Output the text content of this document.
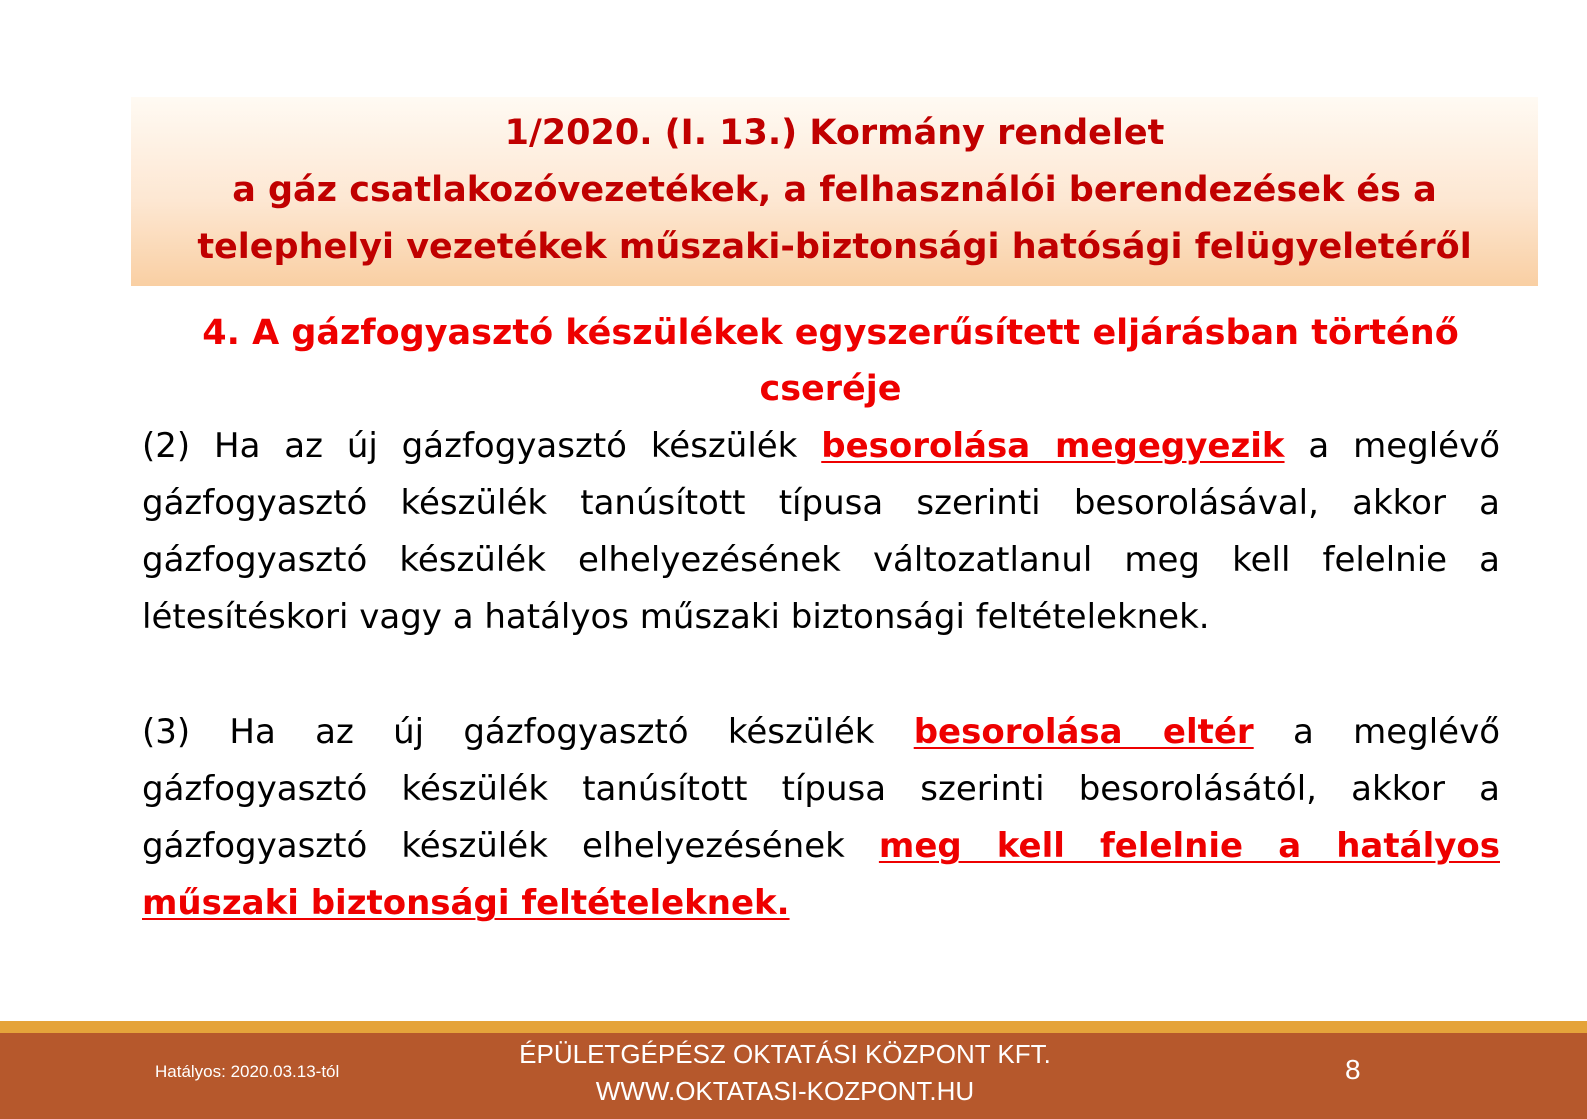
1/2020. (I. 13.) Kormány rendelet
a gáz csatlakozóvezetékek, a felhasználói berendezések és a
telephelyi vezetékek műszaki-biztonsági hatósági felügyeletéről
4. A gázfogyasztó készülékek egyszerűsített eljárásban történő
cseréje
(2) Ha az új gázfogyasztó készülék besorolása megegyezik a meglévő
gázfogyasztó készülék tanúsított típusa szerinti besorolásával, akkor a
gázfogyasztó készülék elhelyezésének változatlanul meg kell felelnie a
létesítéskori vagy a hatályos műszaki biztonsági feltételeknek.
(3) Ha az új gázfogyasztó készülék besorolása eltér a meglévő
gázfogyasztó készülék tanúsított típusa szerinti besorolásától, akkor a
gázfogyasztó készülék elhelyezésének meg kell felelnie a hatályos
műszaki biztonsági feltételeknek.
Hatályos: 2020.03.13-tól
ÉPÜLETGÉPÉSZ OKTATÁSI KÖZPONT KFT.
WWW.OKTATASI-KOZPONT.HU
8
